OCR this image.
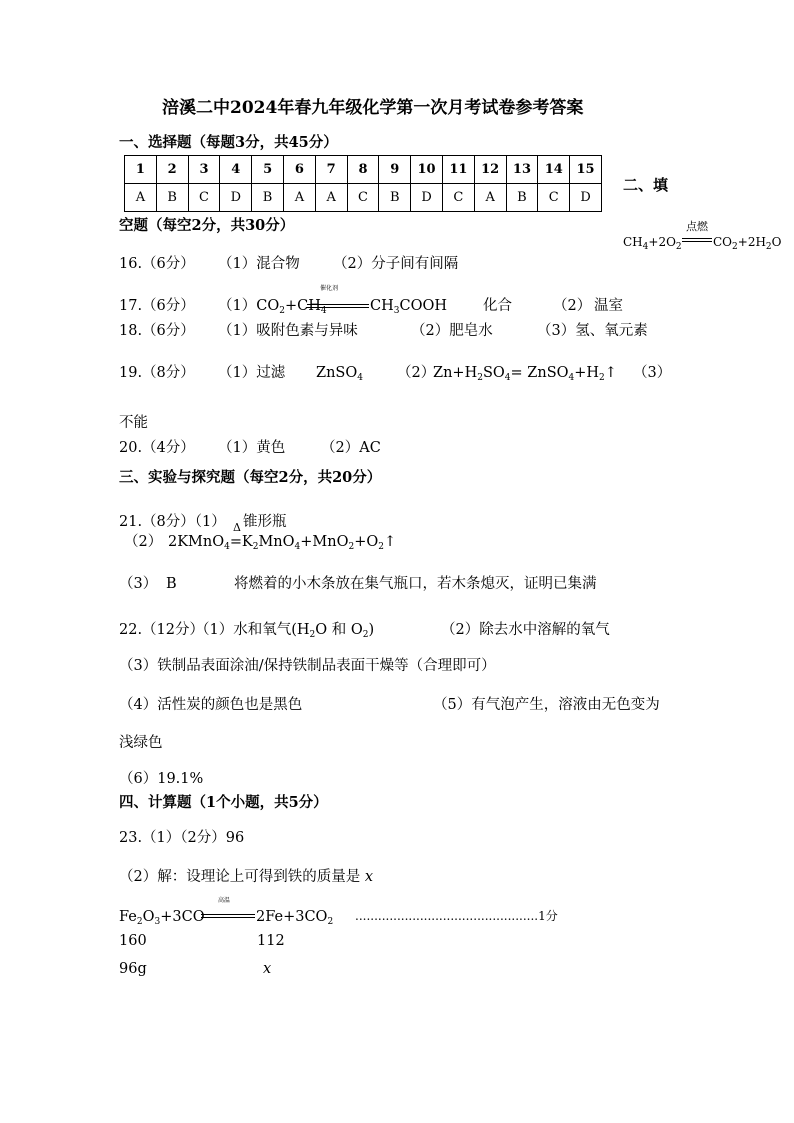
涪溪二中2024年春九年级化学第一次月考试卷参考答案
一、选择题（每题3分，共45分）
1	2	3	4	5	6	7	8	9	10	11	12	13	14	15
A	B	C	D	B	A	A	C	B	D	C	A	B	C	D
二、填
空题（每空2分，共30分）	点燃
$CH_4+2O_2$	$CO_2+2H_2O$
16.（6分） （1）混合物 （2）分子间有间隔
17.（6分） $(1)CO_2+CH_4$
催化剂
$CH_3COOH$ 化合	（2） 温室
18.（6分） （1）吸附色素与异味	（2）肥皂水	（3）氢、氧元素
19.（8分） （1）过滤 ZnSO$_4$ （2）
$Zn+H_2SO_4=$ $ZnSO_4+H_2↑$ （3）
不能
20.（4分） （1）黄色 （2）AC
三、实验与探究题（每空2分，共20分）
21.（8分）（1） Δ 锥形瓶
（2） $2KMnO_4=K_2MnO_4+MnO_2+O_2↑$
（3） B	将燃着的小木条放在集气瓶口，若木条熄灭，证明已集满
22.（12分）
（1）水和氧气($H_2O$ 和 $O_2$)	（2）除去水中溶解的氧气
（3）铁制品表面涂油/保持铁制品表面干燥等（合理即可）
（4）活性炭的颜色也是黑色	（5）有气泡产生，溶液由无色变为
浅绿色
（6）19.1%
四、计算题（1个小题，共5分）
23.（1）（2分）96
（2）解：设理论上可得到铁的质量是 x
高温
$Fe_2O_3+3CO$	$2Fe+3CO_2$ ................................................1分
160	112
96g	x
